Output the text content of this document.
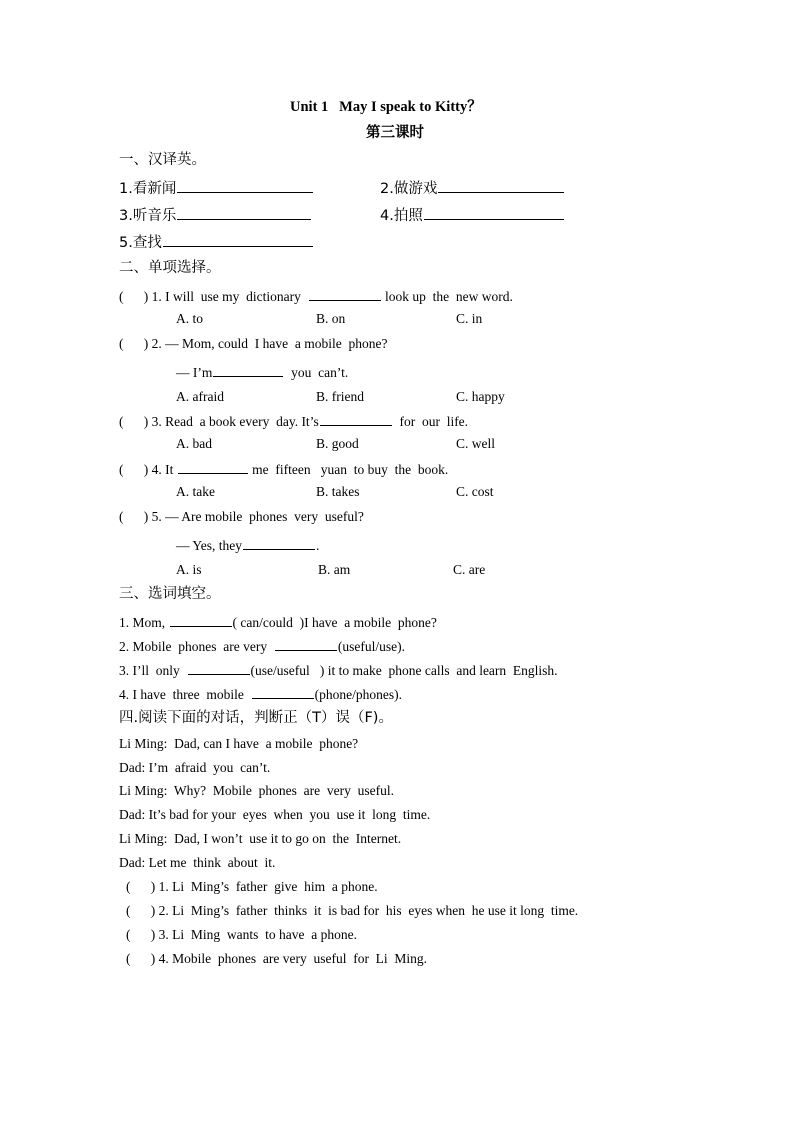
Unit 1   May I speak to Kitty？
第三课时
一、汉译英。
1.看新闻	2.做游戏
3.听音乐	4.拍照
5.查找
二、单项选择。
(      ) 1. I will  use my  dictionary	look up  the  new word.
A. to	B. on	C. in
(      ) 2. — Mom, could  I have  a mobile  phone?
— I’m	you  can’t.
A. afraid	B. friend	C. happy
(      ) 3. Read  a book every  day. It’s	for  our  life.
A. bad	B. good	C. well
(      ) 4. It	me  fifteen   yuan  to buy  the  book.
A. take	B. takes	C. cost
(      ) 5. — Are mobile  phones  very  useful?
— Yes, they	.
A. is	B. am	C. are
三、选词填空。
1. Mom,	( can/could  )I have  a mobile  phone?
2. Mobile  phones  are very	(useful/use).
3. I’ll  only	(use/useful   ) it to make  phone calls  and learn  English.
4. I have  three  mobile	(phone/phones).
四.阅读下面的对话，判断正（T）误（F)。
Li Ming:  Dad, can I have  a mobile  phone?
Dad: I’m  afraid  you  can’t.
Li Ming:  Why?  Mobile  phones  are  very  useful.
Dad: It’s bad for your  eyes  when  you  use it  long  time.
Li Ming:  Dad, I won’t  use it to go on  the  Internet.
Dad: Let me  think  about  it.
(      ) 1. Li  Ming’s  father  give  him  a phone.
(      ) 2. Li  Ming’s  father  thinks  it  is bad for  his  eyes when  he use it long  time.
(      ) 3. Li  Ming  wants  to have  a phone.
(      ) 4. Mobile  phones  are very  useful  for  Li  Ming.
